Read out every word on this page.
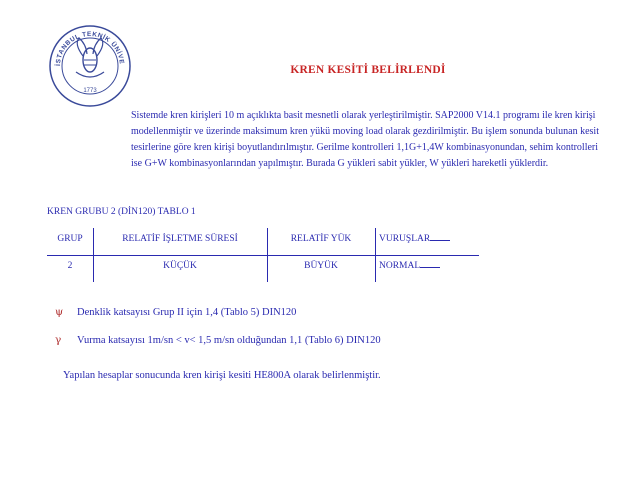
İSTANBUL TEKNİK ÜNİVE
1773
KREN KESİTİ BELİRLENDİ
Sistemde kren kirişleri 10 m açıklıkta basit mesnetli olarak yerleştirilmiştir. SAP2000 V14.1 programı ile kren kirişi modellenmiştir ve üzerinde maksimum kren yükü moving load olarak gezdirilmiştir. Bu işlem sonunda bulunan kesit tesirlerine göre kren kirişi boyutlandırılmıştır. Gerilme kontrolleri 1,1G+1,4W kombinasyonundan, sehim kontrolleri ise G+W kombinasyonlarından yapılmıştır. Burada G yükleri sabit yükler, W yükleri hareketli yüklerdir.
KREN GRUBU 2 (DİN120) TABLO 1
GRUP	RELATİF İŞLETME SÜRESİ	RELATİF YÜK	VURUŞLAR
2	KÜÇÜK	BÜYÜK	NORMAL
ψ Denklik katsayısı Grup II için 1,4 (Tablo 5) DIN120
γ Vurma katsayısı 1m/sn < v< 1,5 m/sn olduğundan 1,1 (Tablo 6) DIN120
Yapılan hesaplar sonucunda kren kirişi kesiti HE800A olarak belirlenmiştir.
